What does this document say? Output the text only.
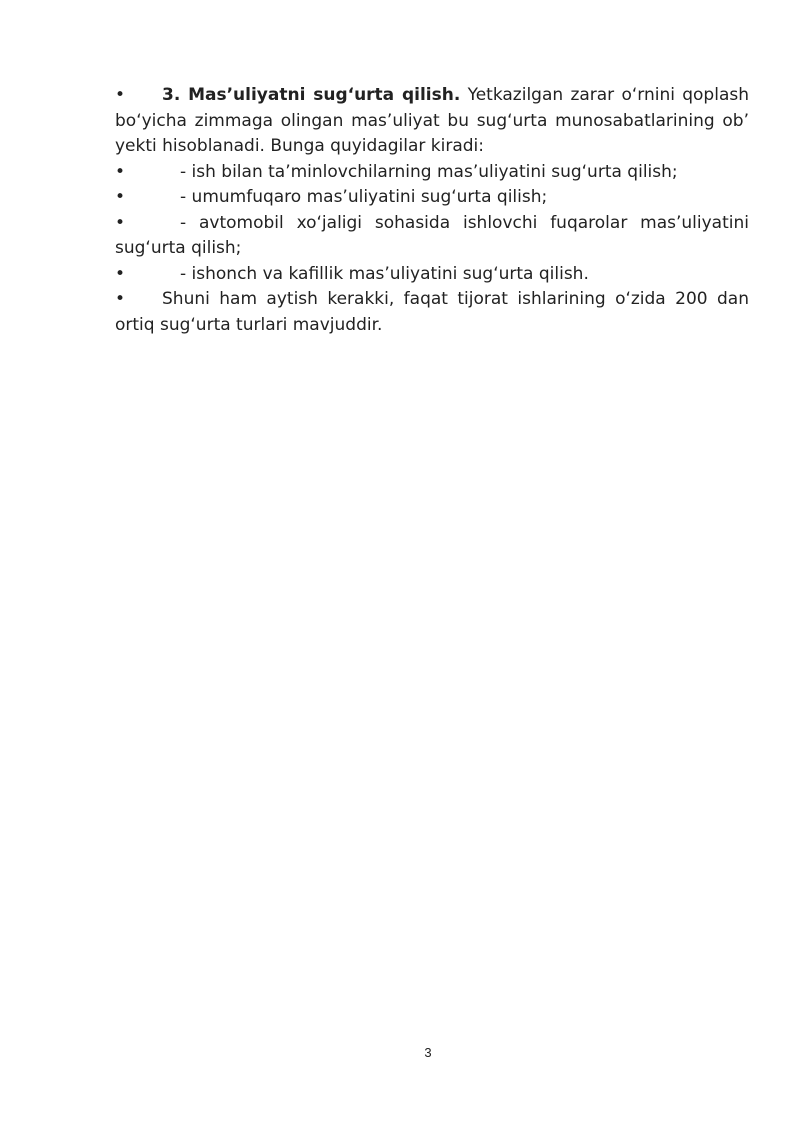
• 3. Mas’uliyatni sug‘urta qilish. Yetkazilgan zarar o‘rnini qoplash bo‘yicha zimmaga olingan mas’uliyat bu sug‘urta munosabatlarining ob’ yekti hisoblanadi. Bunga quyidagilar kiradi:
•	- ish bilan ta’minlovchilarning mas’uliyatini sug‘urta qilish;
•	- umumfuqaro mas’uliyatini sug‘urta qilish;
•	- avtomobil xo‘jaligi sohasida ishlovchi fuqarolar mas’uliyatini sug‘urta qilish;
•	- ishonch va kafillik mas’uliyatini sug‘urta qilish.
• Shuni ham aytish kerakki, faqat tijorat ishlarining o‘zida 200 dan ortiq sug‘urta turlari mavjuddir.
3
